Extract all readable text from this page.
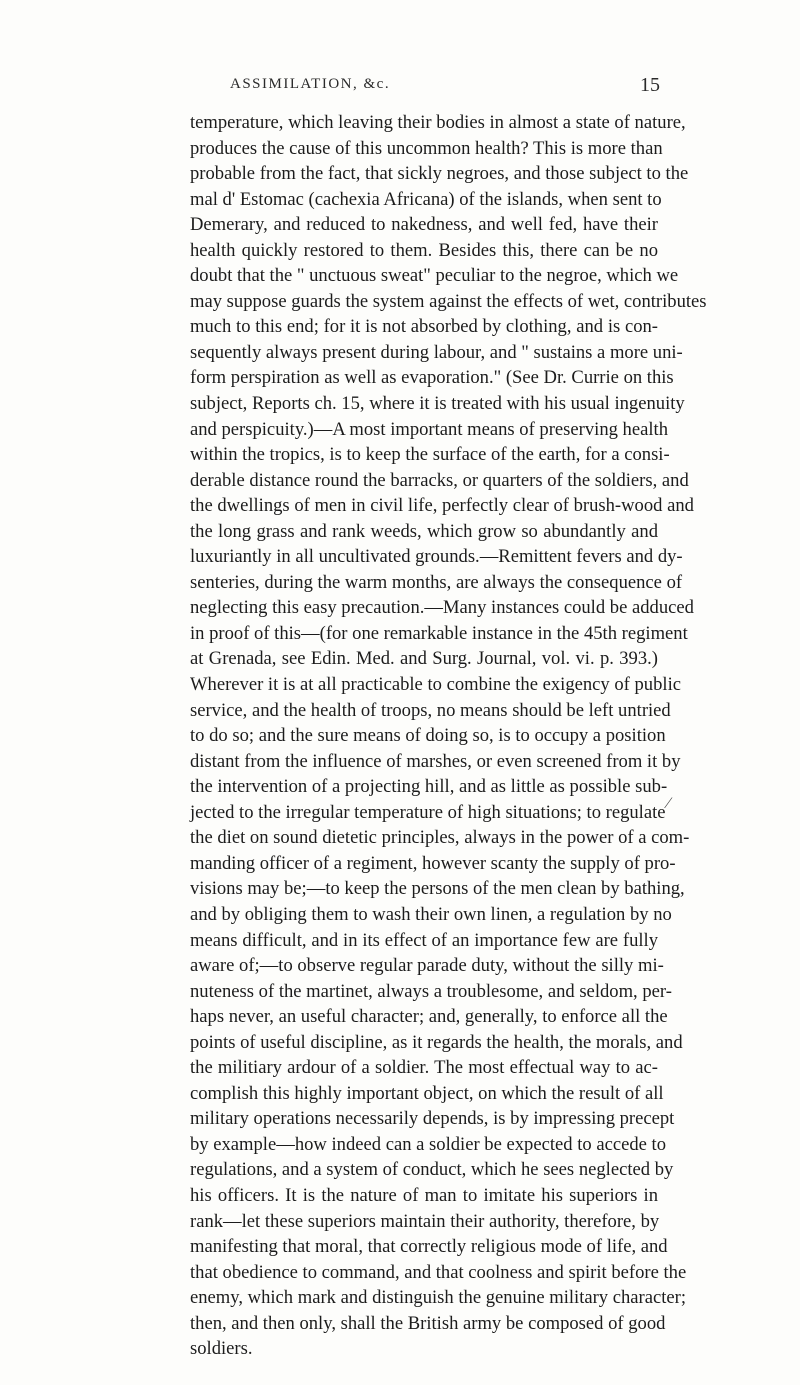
ASSIMILATION, &c.	15
temperature, which leaving their bodies in almost a state of nature,
produces the cause of this uncommon health? This is more than
probable from the fact, that sickly negroes, and those subject to the
mal d' Estomac (cachexia Africana) of the islands, when sent to
Demerary, and reduced to nakedness, and well fed, have their
health quickly restored to them. Besides this, there can be no
doubt that the " unctuous sweat" peculiar to the negroe, which we
may suppose guards the system against the effects of wet, contributes
much to this end; for it is not absorbed by clothing, and is con-
sequently always present during labour, and " sustains a more uni-
form perspiration as well as evaporation." (See Dr. Currie on this
subject, Reports ch. 15, where it is treated with his usual ingenuity
and perspicuity.)—A most important means of preserving health
within the tropics, is to keep the surface of the earth, for a consi-
derable distance round the barracks, or quarters of the soldiers, and
the dwellings of men in civil life, perfectly clear of brush-wood and
the long grass and rank weeds, which grow so abundantly and
luxuriantly in all uncultivated grounds.—Remittent fevers and dy-
senteries, during the warm months, are always the consequence of
neglecting this easy precaution.—Many instances could be adduced
in proof of this—(for one remarkable instance in the 45th regiment
at Grenada, see Edin. Med. and Surg. Journal, vol. vi. p. 393.)
Wherever it is at all practicable to combine the exigency of public
service, and the health of troops, no means should be left untried
to do so; and the sure means of doing so, is to occupy a position
distant from the influence of marshes, or even screened from it by
the intervention of a projecting hill, and as little as possible sub-
jected to the irregular temperature of high situations; to regulate
the diet on sound dietetic principles, always in the power of a com-
manding officer of a regiment, however scanty the supply of pro-
visions may be;—to keep the persons of the men clean by bathing,
and by obliging them to wash their own linen, a regulation by no
means difficult, and in its effect of an importance few are fully
aware of;—to observe regular parade duty, without the silly mi-
nuteness of the martinet, always a troublesome, and seldom, per-
haps never, an useful character; and, generally, to enforce all the
points of useful discipline, as it regards the health, the morals, and
the militiary ardour of a soldier. The most effectual way to ac-
complish this highly important object, on which the result of all
military operations necessarily depends, is by impressing precept
by example—how indeed can a soldier be expected to accede to
regulations, and a system of conduct, which he sees neglected by
his officers. It is the nature of man to imitate his superiors in
rank—let these superiors maintain their authority, therefore, by
manifesting that moral, that correctly religious mode of life, and
that obedience to command, and that coolness and spirit before the
enemy, which mark and distinguish the genuine military character;
then, and then only, shall the British army be composed of good
soldiers.
⁄
